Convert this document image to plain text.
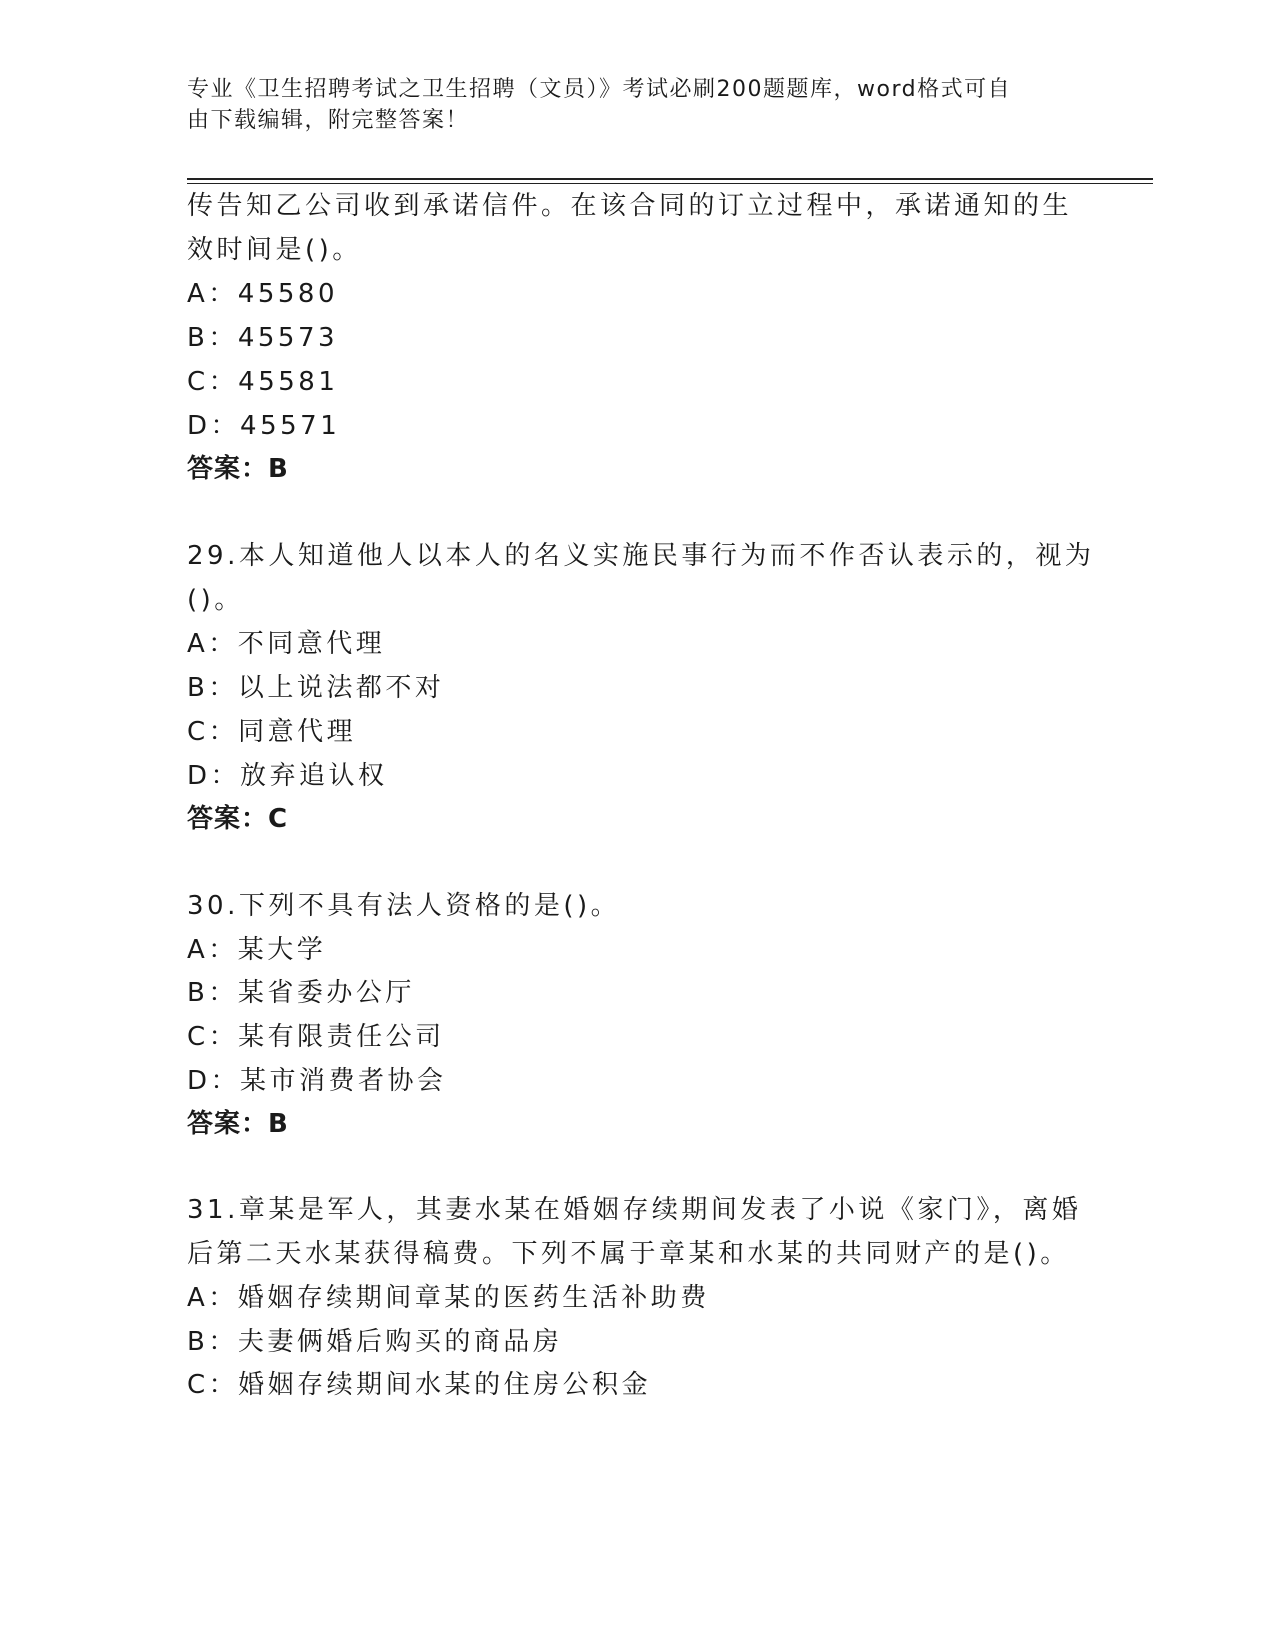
专业《卫生招聘考试之卫生招聘（文员）》考试必刷200题题库，word格式可自
由下载编辑，附完整答案！
传告知乙公司收到承诺信件。在该合同的订立过程中，承诺通知的生
效时间是()。
A：45580
B：45573
C：45581
D：45571
答案：B
29.本人知道他人以本人的名义实施民事行为而不作否认表示的，视为
()。
A：不同意代理
B：以上说法都不对
C：同意代理
D：放弃追认权
答案：C
30.下列不具有法人资格的是()。
A：某大学
B：某省委办公厅
C：某有限责任公司
D：某市消费者协会
答案：B
31.章某是军人，其妻水某在婚姻存续期间发表了小说《家门》，离婚
后第二天水某获得稿费。下列不属于章某和水某的共同财产的是()。
A：婚姻存续期间章某的医药生活补助费
B：夫妻俩婚后购买的商品房
C：婚姻存续期间水某的住房公积金
